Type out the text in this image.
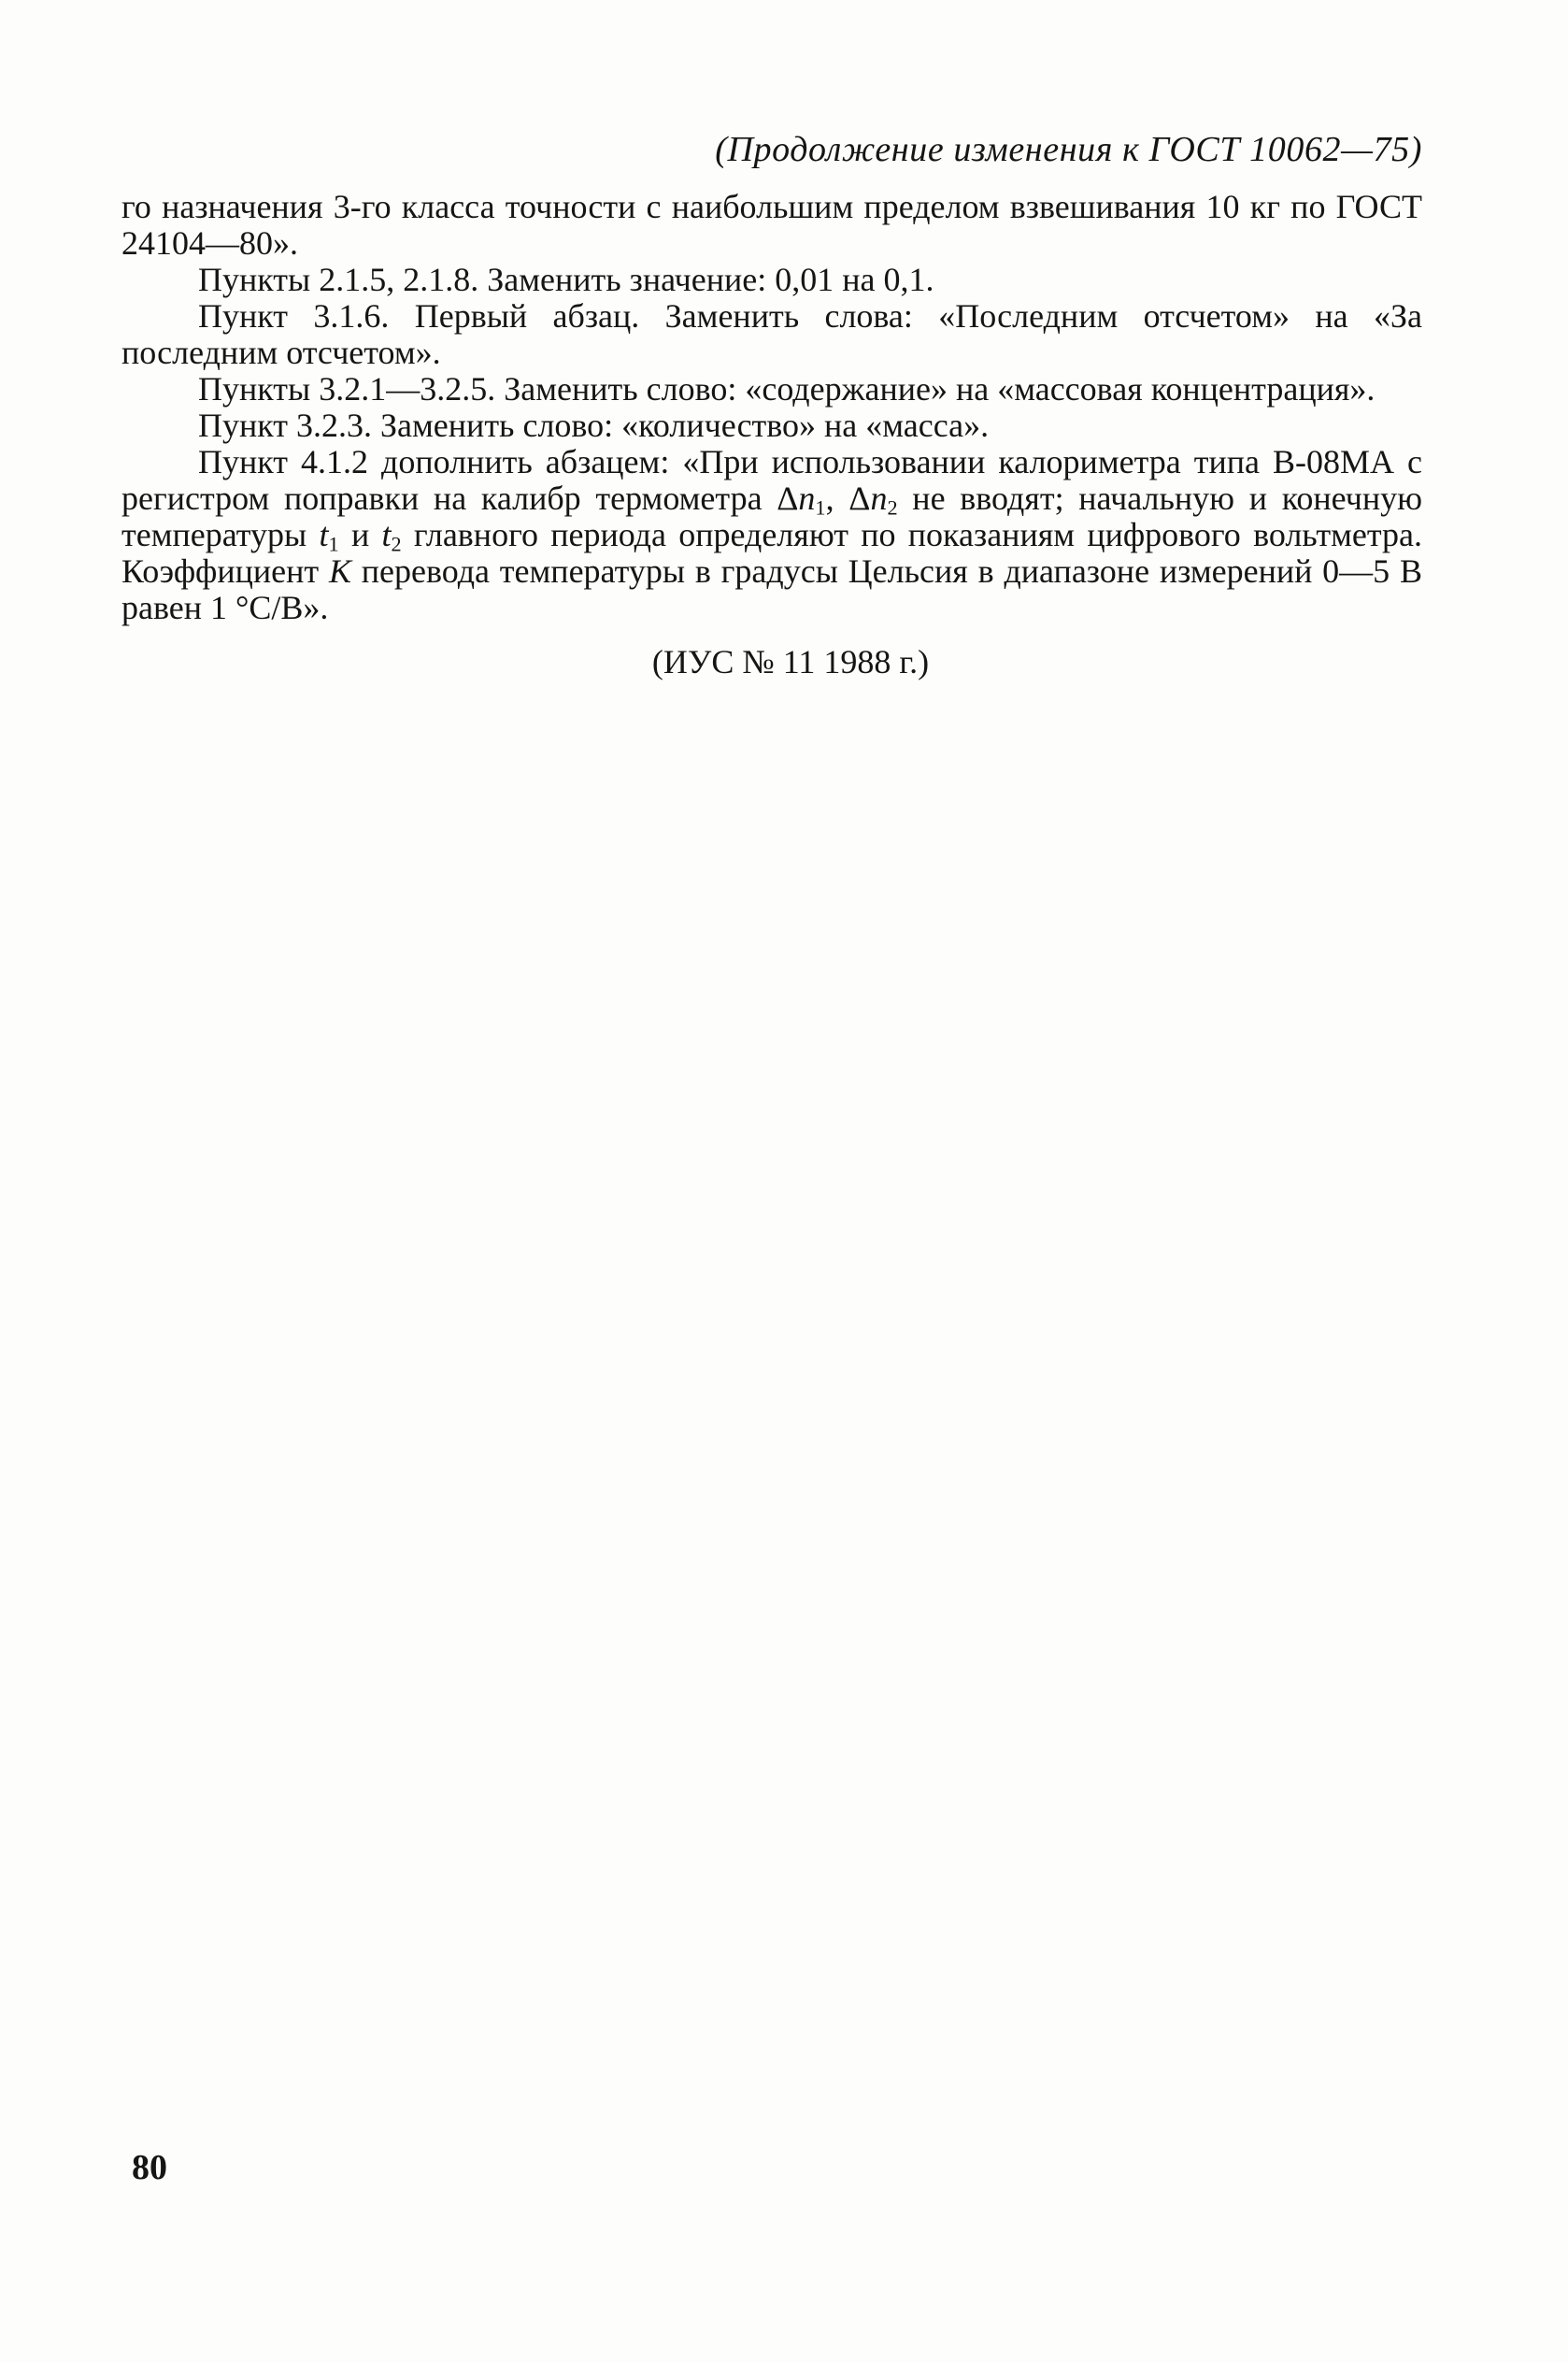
(Продолжение изменения к ГОСТ 10062—75)

го назначения 3-го класса точности с наибольшим пределом взвешивания 10 кг по ГОСТ 24104—80».

Пункты 2.1.5, 2.1.8. Заменить значение: 0,01 на 0,1.

Пункт 3.1.6. Первый абзац. Заменить слова: «Последним отсчетом» на «За последним отсчетом».

Пункты 3.2.1—3.2.5. Заменить слово: «содержание» на «массовая концентрация».

Пункт 3.2.3. Заменить слово: «количество» на «масса».

Пункт 4.1.2 дополнить абзацем: «При использовании калориметра типа В-08МА с регистром поправки на калибр термометра $\Delta n_1$, $\Delta n_2$ не вводят; начальную и конечную температуры $t_1$ и $t_2$ главного периода определяют по показаниям цифрового вольтметра. Коэффициент K перевода температуры в градусы Цельсия в диапазоне измерений 0—5 В равен 1 °С/В».

(ИУС № 11 1988 г.)
80
